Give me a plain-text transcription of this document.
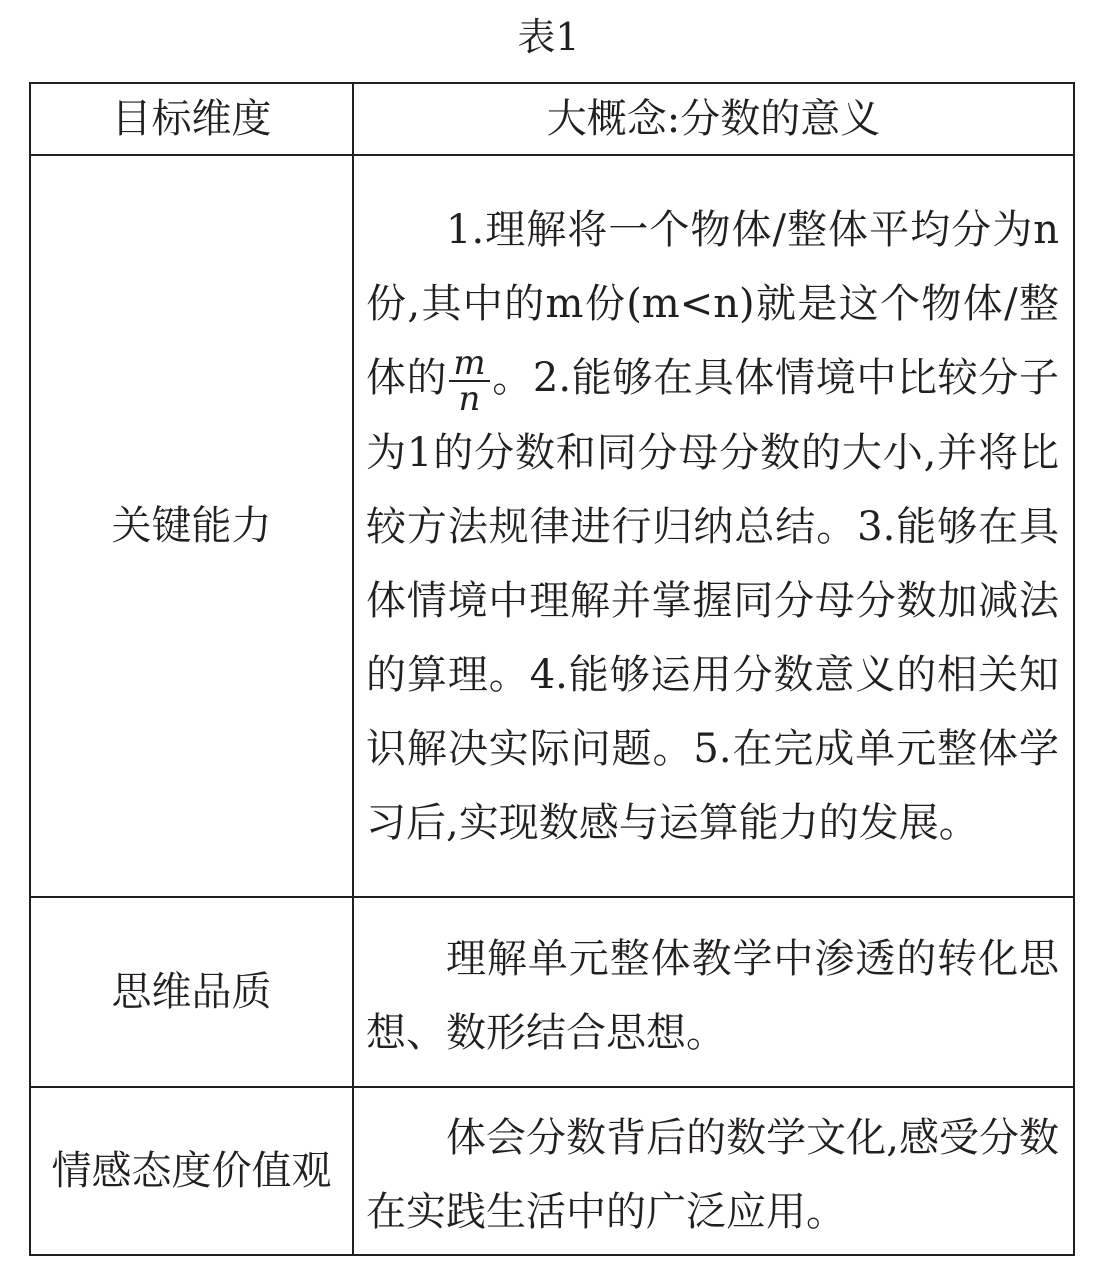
表1
目标维度	大概念:分数的意义
关键能力	1.理解将一个物体/整体平均分为n份,其中的m份(m<n)就是这个物体/整体的 $\frac{m}{n}$ 。2.能够在具体情境中比较分子为1的分数和同分母分数的大小,并将比较方法规律进行归纳总结。3.能够在具体情境中理解并掌握同分母分数加减法的算理。4.能够运用分数意义的相关知识解决实际问题。5.在完成单元整体学习后,实现数感与运算能力的发展。

思维品质	理解单元整体教学中渗透的转化思想、数形结合思想。

情感态度价值观	体会分数背后的数学文化,感受分数在实践生活中的广泛应用。
